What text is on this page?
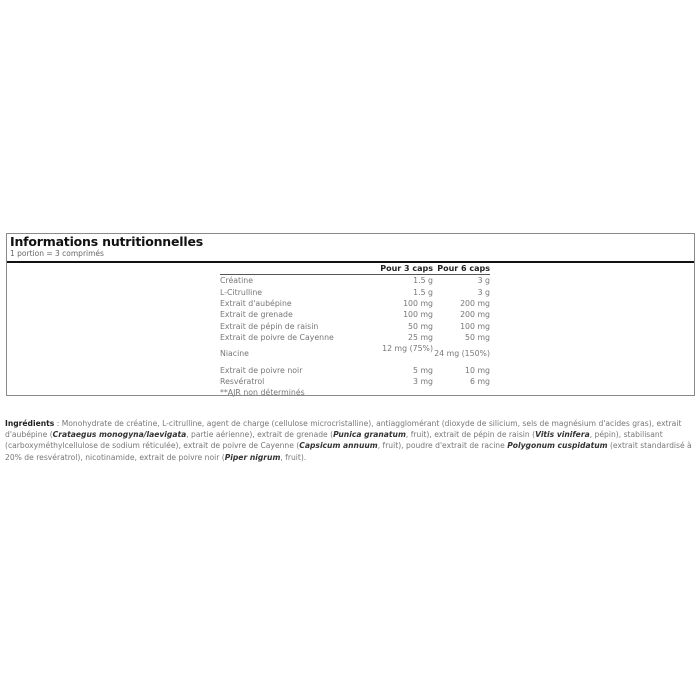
Informations nutritionnelles
1 portion = 3 comprimés
	Pour 3 caps	Pour 6 caps
Créatine	1.5 g	3 g
L-Citrulline	1.5 g	3 g
Extrait d'aubépine	100 mg	200 mg
Extrait de grenade	100 mg	200 mg
Extrait de pépin de raisin	50 mg	100 mg
Extrait de poivre de Cayenne	25 mg	50 mg
Niacine	12 mg (75%)	24 mg (150%)
Extrait de poivre noir	5 mg	10 mg
Resvératrol	3 mg	6 mg
**AJR non déterminés		
Ingrédients : Monohydrate de créatine, L-citrulline, agent de charge (cellulose microcristalline), antiagglomérant (dioxyde de silicium, sels de magnésium d'acides gras), extrait d'aubépine (Crataegus monogyna/laevigata, partie aérienne), extrait de grenade (Punica granatum, fruit), extrait de pépin de raisin (Vitis vinifera, pépin), stabilisant (carboxyméthylcellulose de sodium réticulée), extrait de poivre de Cayenne (Capsicum annuum, fruit), poudre d'extrait de racine Polygonum cuspidatum (extrait standardisé à 20% de resvératrol), nicotinamide, extrait de poivre noir (Piper nigrum, fruit).
